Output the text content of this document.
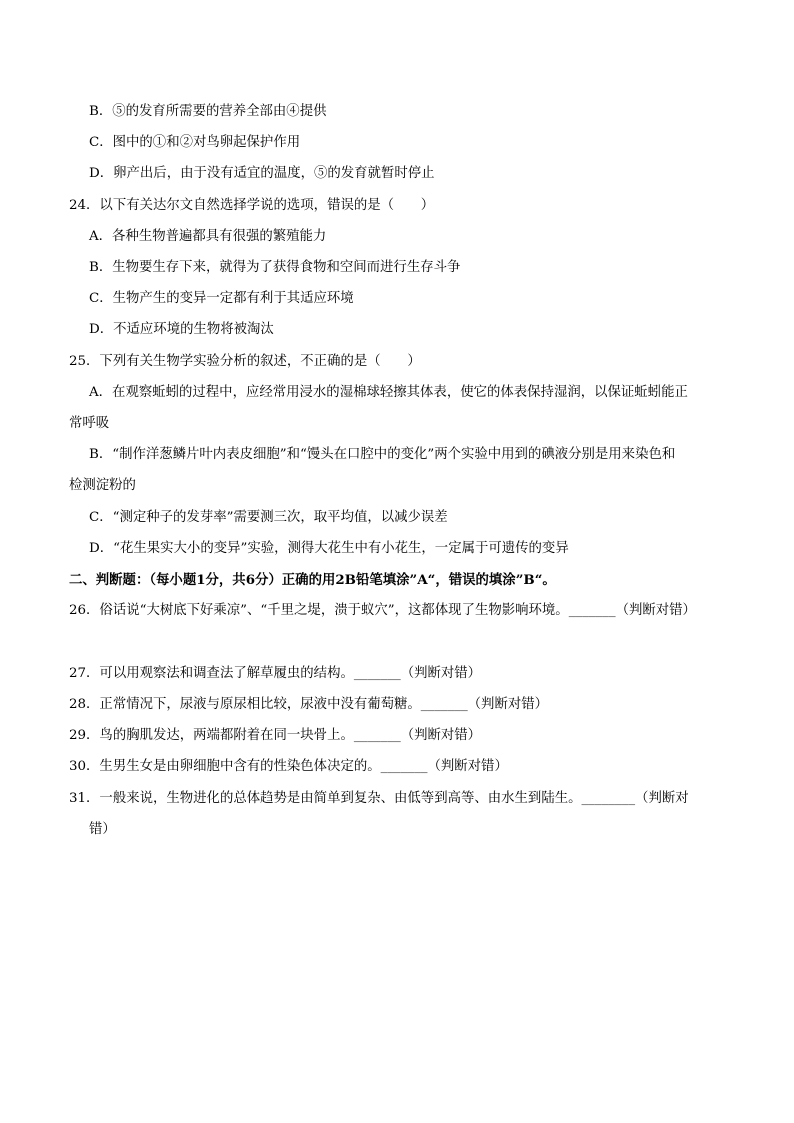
B．⑤的发育所需要的营养全部由④提供
C．图中的①和②对鸟卵起保护作用
D．卵产出后，由于没有适宜的温度，⑤的发育就暂时停止
24．以下有关达尔文自然选择学说的选项，错误的是（　　）
A．各种生物普遍都具有很强的繁殖能力
B．生物要生存下来，就得为了获得食物和空间而进行生存斗争
C．生物产生的变异一定都有利于其适应环境
D．不适应环境的生物将被淘汰
25．下列有关生物学实验分析的叙述，不正确的是（　　）
A．在观察蚯蚓的过程中，应经常用浸水的湿棉球轻擦其体表，使它的体表保持湿润，以保证蚯蚓能正
常呼吸
B．“制作洋葱鳞片叶内表皮细胞”和“馒头在口腔中的变化”两个实验中用到的碘液分别是用来染色和
检测淀粉的
C．“测定种子的发芽率”需要测三次，取平均值，以减少误差
D．“花生果实大小的变异”实验，测得大花生中有小花生，一定属于可遗传的变异
二、判断题：（每小题1分，共6分）正确的用2B铅笔填涂”A“，错误的填涂”B“。
26．俗话说“大树底下好乘凉”、“千里之堤，溃于蚁穴”，这都体现了生物影响环境。_______（判断对错）
27．可以用观察法和调查法了解草履虫的结构。_______（判断对错）
28．正常情况下，尿液与原尿相比较，尿液中没有葡萄糖。_______（判断对错）
29．鸟的胸肌发达，两端都附着在同一块骨上。_______（判断对错）
30．生男生女是由卵细胞中含有的性染色体决定的。_______（判断对错）
31．一般来说，生物进化的总体趋势是由简单到复杂、由低等到高等、由水生到陆生。________（判断对
错）
